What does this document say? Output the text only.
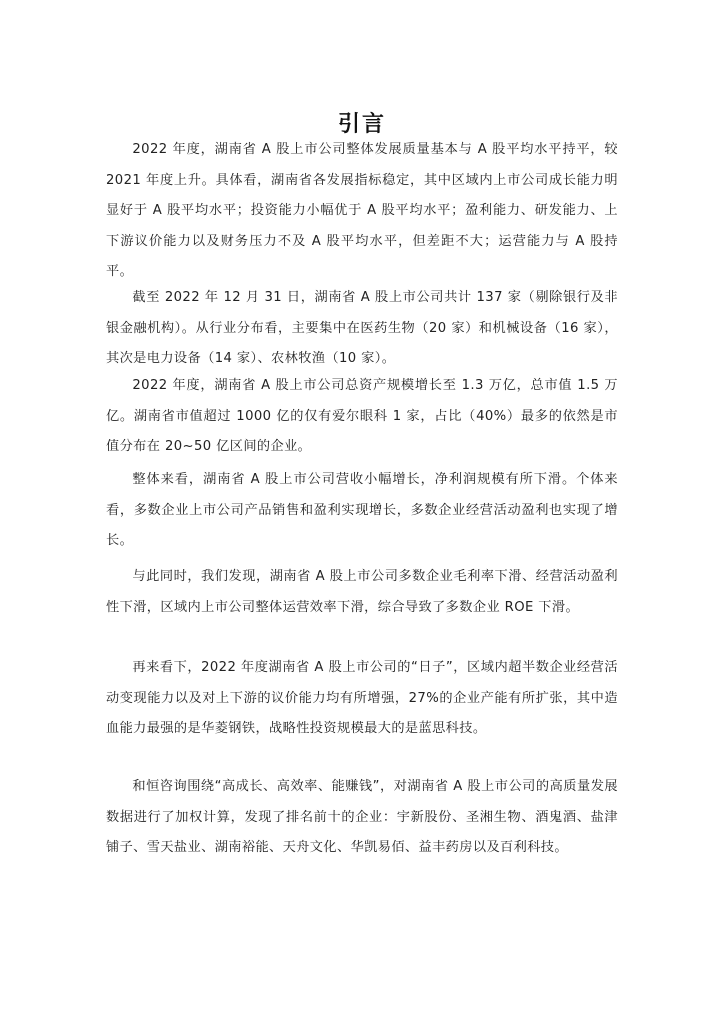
引言

2022 年度，湖南省 A 股上市公司整体发展质量基本与 A 股平均水平持平，较 2021 年度上升。具体看，湖南省各发展指标稳定，其中区域内上市公司成长能力明显好于 A 股平均水平；投资能力小幅优于 A 股平均水平；盈利能力、研发能力、上下游议价能力以及财务压力不及 A 股平均水平，但差距不大；运营能力与 A 股持平。

截至 2022 年 12 月 31 日，湖南省 A 股上市公司共计 137 家（剔除银行及非银金融机构）。从行业分布看，主要集中在医药生物（20 家）和机械设备（16 家），其次是电力设备（14 家）、农林牧渔（10 家）。

2022 年度，湖南省 A 股上市公司总资产规模增长至 1.3 万亿，总市值 1.5 万亿。湖南省市值超过 1000 亿的仅有爱尔眼科 1 家，占比（40%）最多的依然是市值分布在 20~50 亿区间的企业。

整体来看，湖南省 A 股上市公司营收小幅增长，净利润规模有所下滑。个体来看，多数企业上市公司产品销售和盈利实现增长，多数企业经营活动盈利也实现了增长。

与此同时，我们发现，湖南省 A 股上市公司多数企业毛利率下滑、经营活动盈利性下滑，区域内上市公司整体运营效率下滑，综合导致了多数企业 ROE 下滑。

再来看下，2022 年度湖南省 A 股上市公司的“日子”，区域内超半数企业经营活动变现能力以及对上下游的议价能力均有所增强，27%的企业产能有所扩张，其中造血能力最强的是华菱钢铁，战略性投资规模最大的是蓝思科技。

和恒咨询围绕“高成长、高效率、能赚钱”，对湖南省 A 股上市公司的高质量发展数据进行了加权计算，发现了排名前十的企业：宇新股份、圣湘生物、酒鬼酒、盐津铺子、雪天盐业、湖南裕能、天舟文化、华凯易佰、益丰药房以及百利科技。
